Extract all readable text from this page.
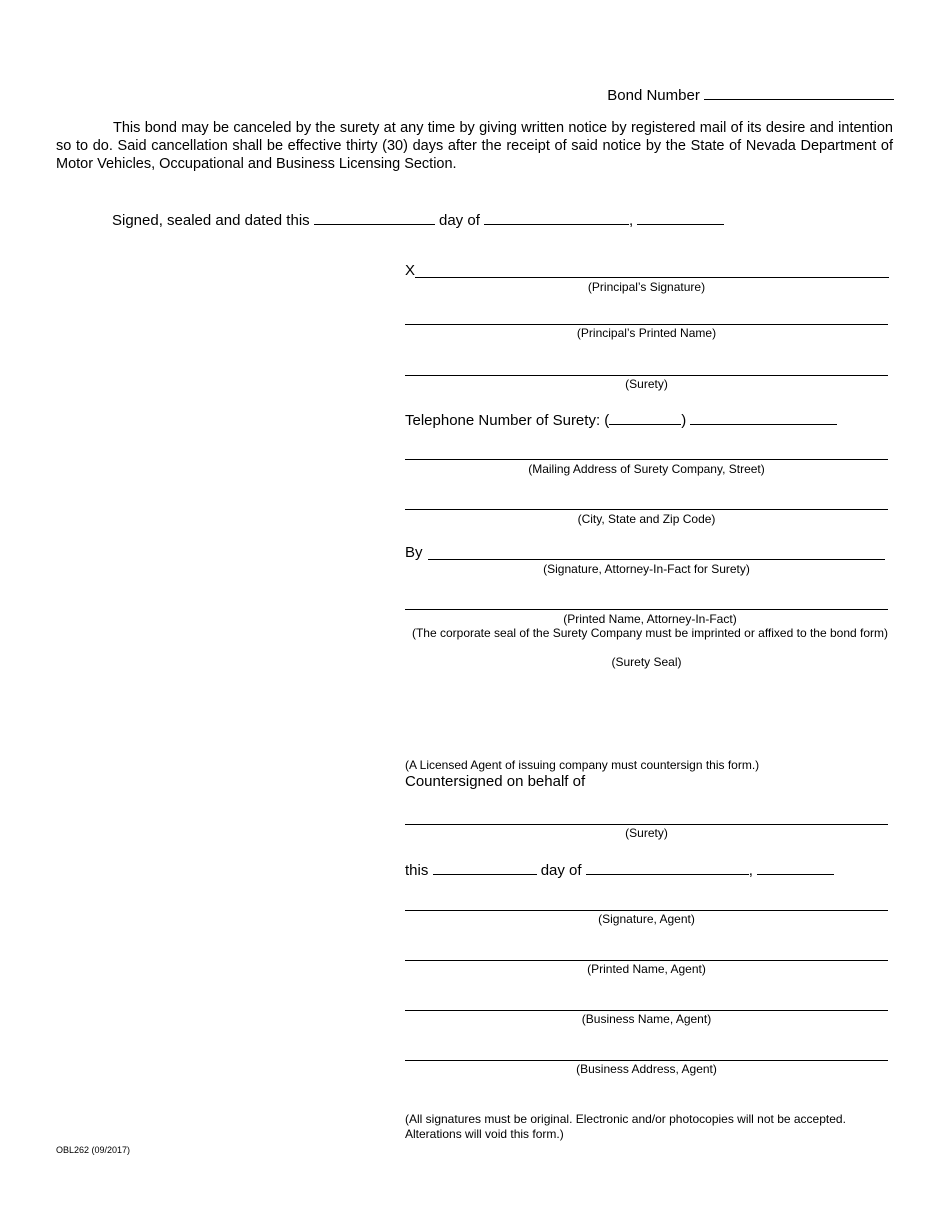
Bond Number
This bond may be canceled by the surety at any time by giving written notice by registered mail of its desire and intention so to do. Said cancellation shall be effective thirty (30) days after the receipt of said notice by the State of Nevada Department of Motor Vehicles, Occupational and Business Licensing Section.
Signed, sealed and dated this	day of	,
X
(Principal’s Signature)
(Principal’s Printed Name)
(Surety)
Telephone Number of Surety: (	)
(Mailing Address of Surety Company, Street)
(City, State and Zip Code)
By
(Signature, Attorney-In-Fact for Surety)
(Printed Name, Attorney-In-Fact)
(The corporate seal of the Surety Company must be imprinted or affixed to the bond form)
(Surety Seal)
(A Licensed Agent of issuing company must countersign this form.)
Countersigned on behalf of
(Surety)
this	day of	,
(Signature, Agent)
(Printed Name, Agent)
(Business Name, Agent)
(Business Address, Agent)
(All signatures must be original. Electronic and/or photocopies will not be accepted. Alterations will void this form.)
OBL262 (09/2017)
